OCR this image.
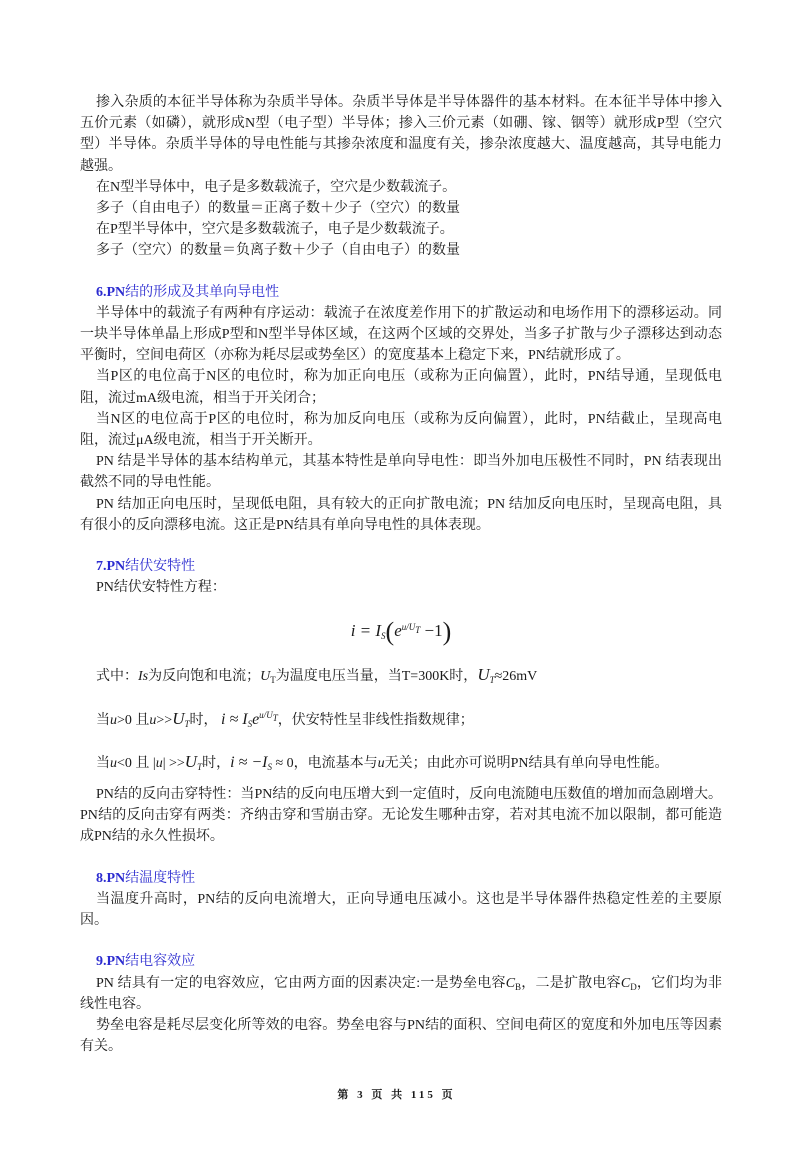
掺入杂质的本征半导体称为杂质半导体。杂质半导体是半导体器件的基本材料。在本征半导体中掺入五价元素（如磷），就形成N型（电子型）半导体；掺入三价元素（如硼、镓、铟等）就形成P型（空穴型）半导体。杂质半导体的导电性能与其掺杂浓度和温度有关，掺杂浓度越大、温度越高，其导电能力越强。

在N型半导体中，电子是多数载流子，空穴是少数载流子。

多子（自由电子）的数量＝正离子数＋少子（空穴）的数量

在P型半导体中，空穴是多数载流子，电子是少数载流子。

多子（空穴）的数量＝负离子数＋少子（自由电子）的数量

6.PN结的形成及其单向导电性

半导体中的载流子有两种有序运动：载流子在浓度差作用下的扩散运动和电场作用下的漂移运动。同一块半导体单晶上形成P型和N型半导体区域，在这两个区域的交界处，当多子扩散与少子漂移达到动态平衡时，空间电荷区（亦称为耗尽层或势垒区）的宽度基本上稳定下来，PN结就形成了。

当P区的电位高于N区的电位时，称为加正向电压（或称为正向偏置），此时，PN结导通，呈现低电阻，流过mA级电流，相当于开关闭合；

当N区的电位高于P区的电位时，称为加反向电压（或称为反向偏置），此时，PN结截止，呈现高电阻，流过μA级电流，相当于开关断开。

PN 结是半导体的基本结构单元，其基本特性是单向导电性：即当外加电压极性不同时，PN 结表现出截然不同的导电性能。

PN 结加正向电压时，呈现低电阻，具有较大的正向扩散电流；PN 结加反向电压时，呈现高电阻，具有很小的反向漂移电流。这正是PN结具有单向导电性的具体表现。

7.PN结伏安特性

PN结伏安特性方程：

$i = I_S(e^{u/U_T} -1)$

式中：Is为反向饱和电流；$U_T$为温度电压当量，当T=300K时，$U_T\approx 26mV$

当u>0 且$u>>U_T$时， $i \approx I_Se^{u/U_T}$，伏安特性呈非线性指数规律；

当u<0 且 $|u| >>U_T$时，$i \approx -I_S \approx 0$，电流基本与u无关；由此亦可说明PN结具有单向导电性能。

PN结的反向击穿特性：当PN结的反向电压增大到一定值时，反向电流随电压数值的增加而急剧增大。PN结的反向击穿有两类：齐纳击穿和雪崩击穿。无论发生哪种击穿，若对其电流不加以限制，都可能造成PN结的永久性损坏。

8.PN结温度特性

当温度升高时，PN结的反向电流增大，正向导通电压减小。这也是半导体器件热稳定性差的主要原因。

9.PN结电容效应

PN 结具有一定的电容效应，它由两方面的因素决定:一是势垒电容$C_B$，二是扩散电容$C_D$，它们均为非线性电容。

势垒电容是耗尽层变化所等效的电容。势垒电容与PN结的面积、空间电荷区的宽度和外加电压等因素有关。

第 3 页 共 115 页
